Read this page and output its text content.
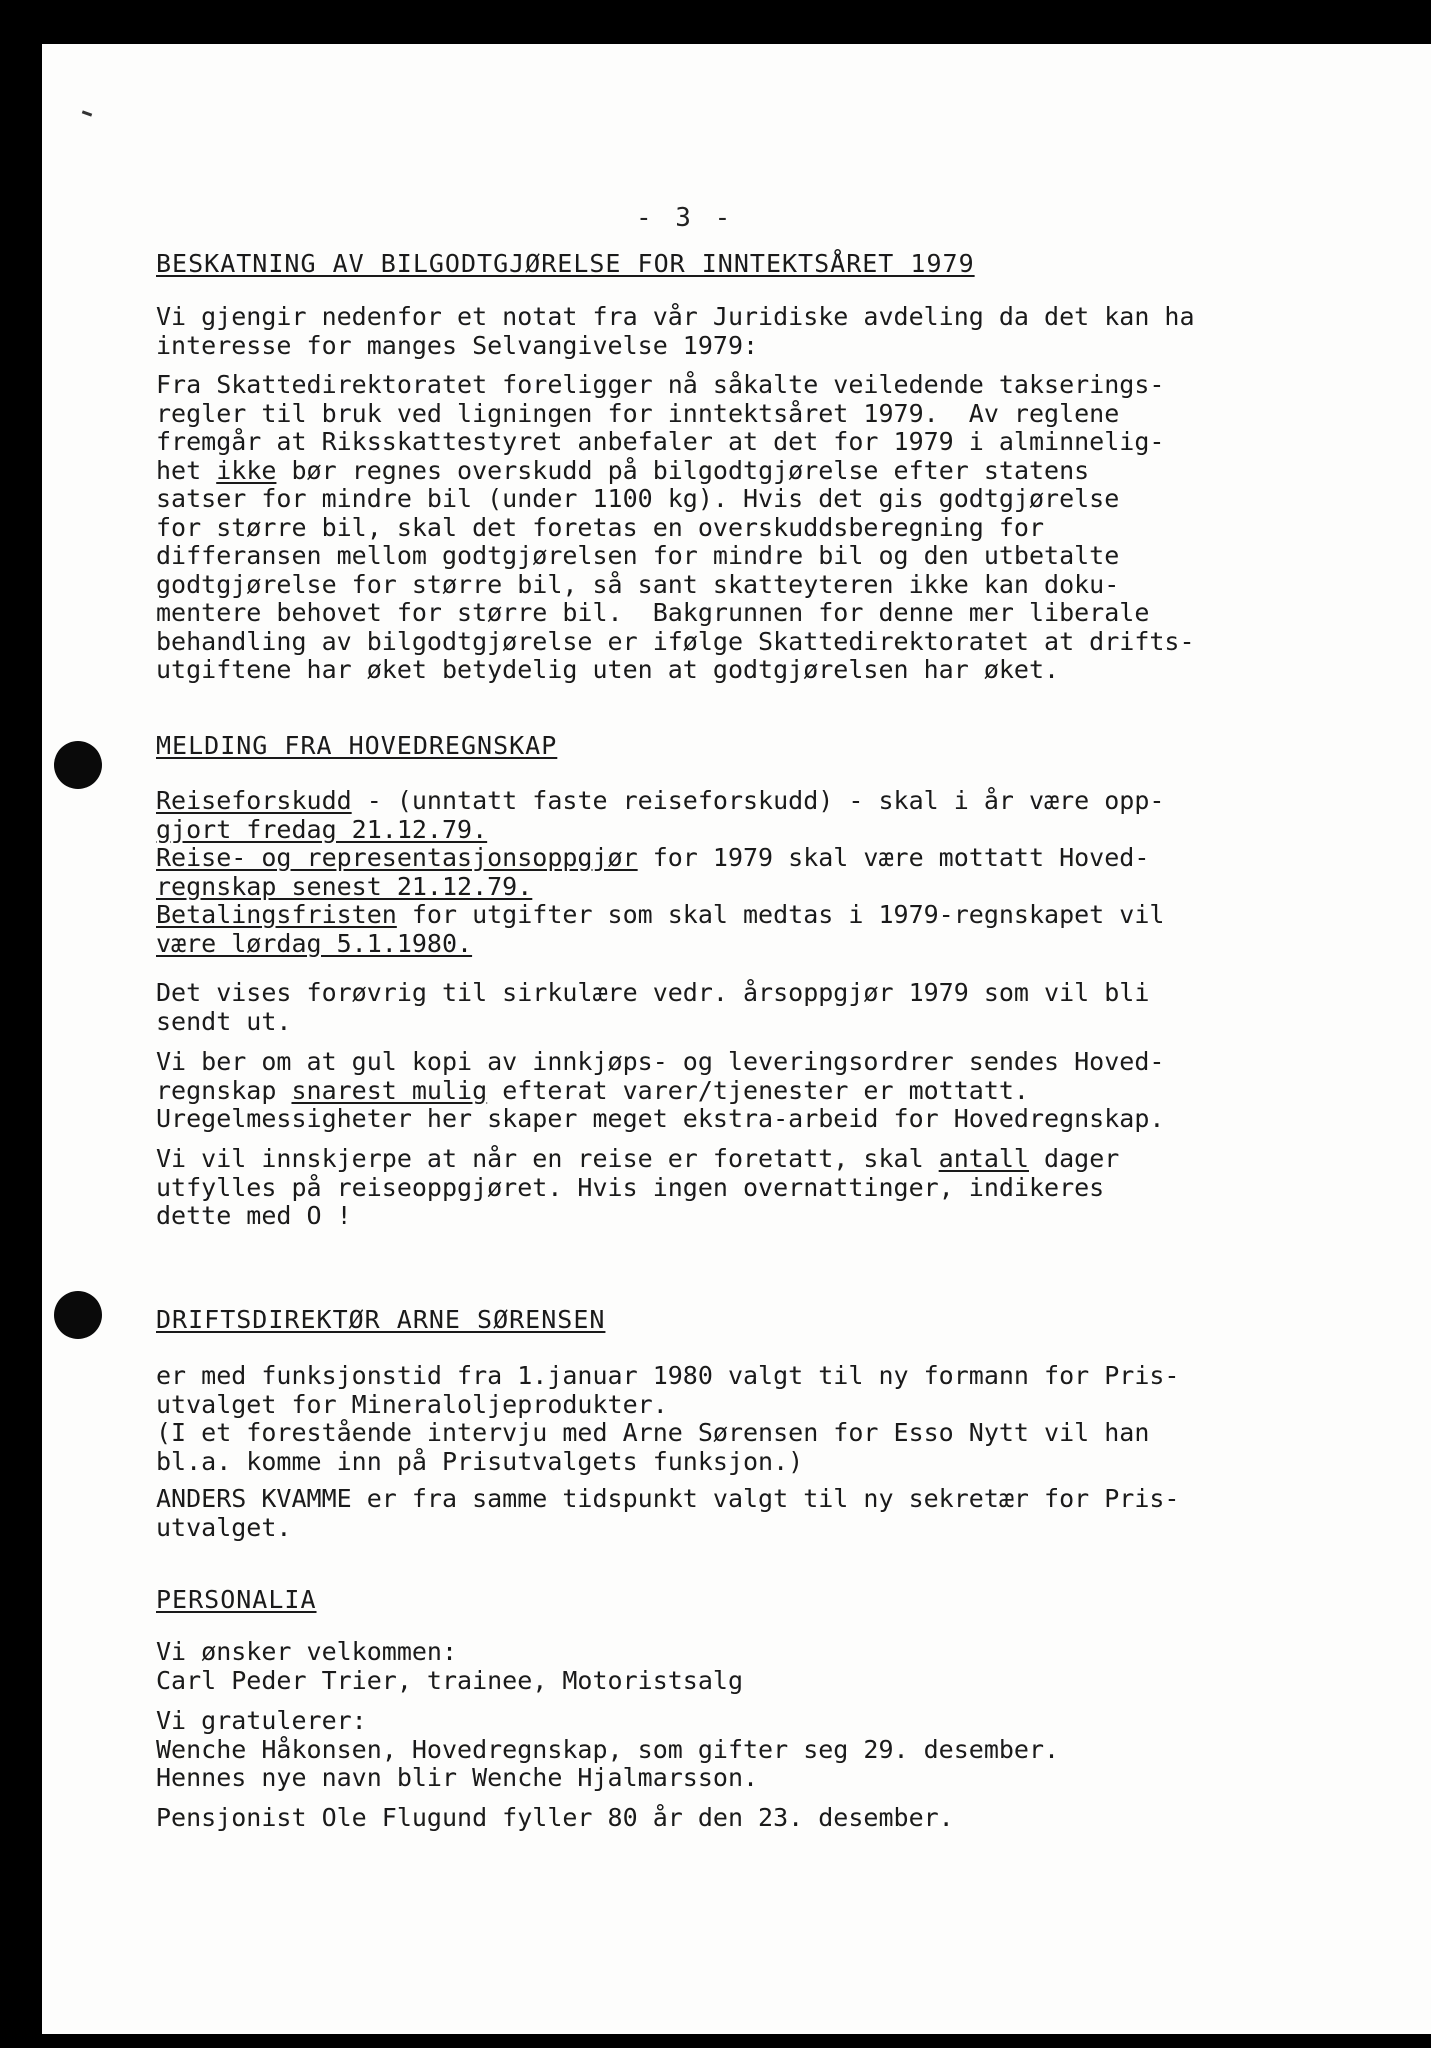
- 3 -
BESKATNING AV BILGODTGJØRELSE FOR INNTEKTSÅRET 1979

Vi gjengir nedenfor et notat fra vår Juridiske avdeling da det kan ha

interesse for manges Selvangivelse 1979:

Fra Skattedirektoratet foreligger nå såkalte veiledende takserings-

regler til bruk ved ligningen for inntektsåret 1979.  Av reglene

fremgår at Riksskattestyret anbefaler at det for 1979 i alminnelig-

het ikke bør regnes overskudd på bilgodtgjørelse efter statens

satser for mindre bil (under 1100 kg). Hvis det gis godtgjørelse

for større bil, skal det foretas en overskuddsberegning for

differansen mellom godtgjørelsen for mindre bil og den utbetalte

godtgjørelse for større bil, så sant skatteyteren ikke kan doku-

mentere behovet for større bil.  Bakgrunnen for denne mer liberale

behandling av bilgodtgjørelse er ifølge Skattedirektoratet at drifts-

utgiftene har øket betydelig uten at godtgjørelsen har øket.

MELDING FRA HOVEDREGNSKAP

Reiseforskudd - (unntatt faste reiseforskudd) - skal i år være opp-

gjort fredag 21.12.79.

Reise- og representasjonsoppgjør for 1979 skal være mottatt Hoved-

regnskap senest 21.12.79.

Betalingsfristen for utgifter som skal medtas i 1979-regnskapet vil

være lørdag 5.1.1980.

Det vises forøvrig til sirkulære vedr. årsoppgjør 1979 som vil bli

sendt ut.

Vi ber om at gul kopi av innkjøps- og leveringsordrer sendes Hoved-

regnskap snarest mulig efterat varer/tjenester er mottatt.

Uregelmessigheter her skaper meget ekstra-arbeid for Hovedregnskap.

Vi vil innskjerpe at når en reise er foretatt, skal antall dager

utfylles på reiseoppgjøret. Hvis ingen overnattinger, indikeres

dette med O !

DRIFTSDIREKTØR ARNE SØRENSEN

er med funksjonstid fra 1.januar 1980 valgt til ny formann for Pris-

utvalget for Mineraloljeprodukter.

(I et forestående intervju med Arne Sørensen for Esso Nytt vil han

bl.a. komme inn på Prisutvalgets funksjon.)

ANDERS KVAMME er fra samme tidspunkt valgt til ny sekretær for Pris-

utvalget.

PERSONALIA

Vi ønsker velkommen:

Carl Peder Trier, trainee, Motoristsalg

Vi gratulerer:

Wenche Håkonsen, Hovedregnskap, som gifter seg 29. desember.

Hennes nye navn blir Wenche Hjalmarsson.

Pensjonist Ole Flugund fyller 80 år den 23. desember.
